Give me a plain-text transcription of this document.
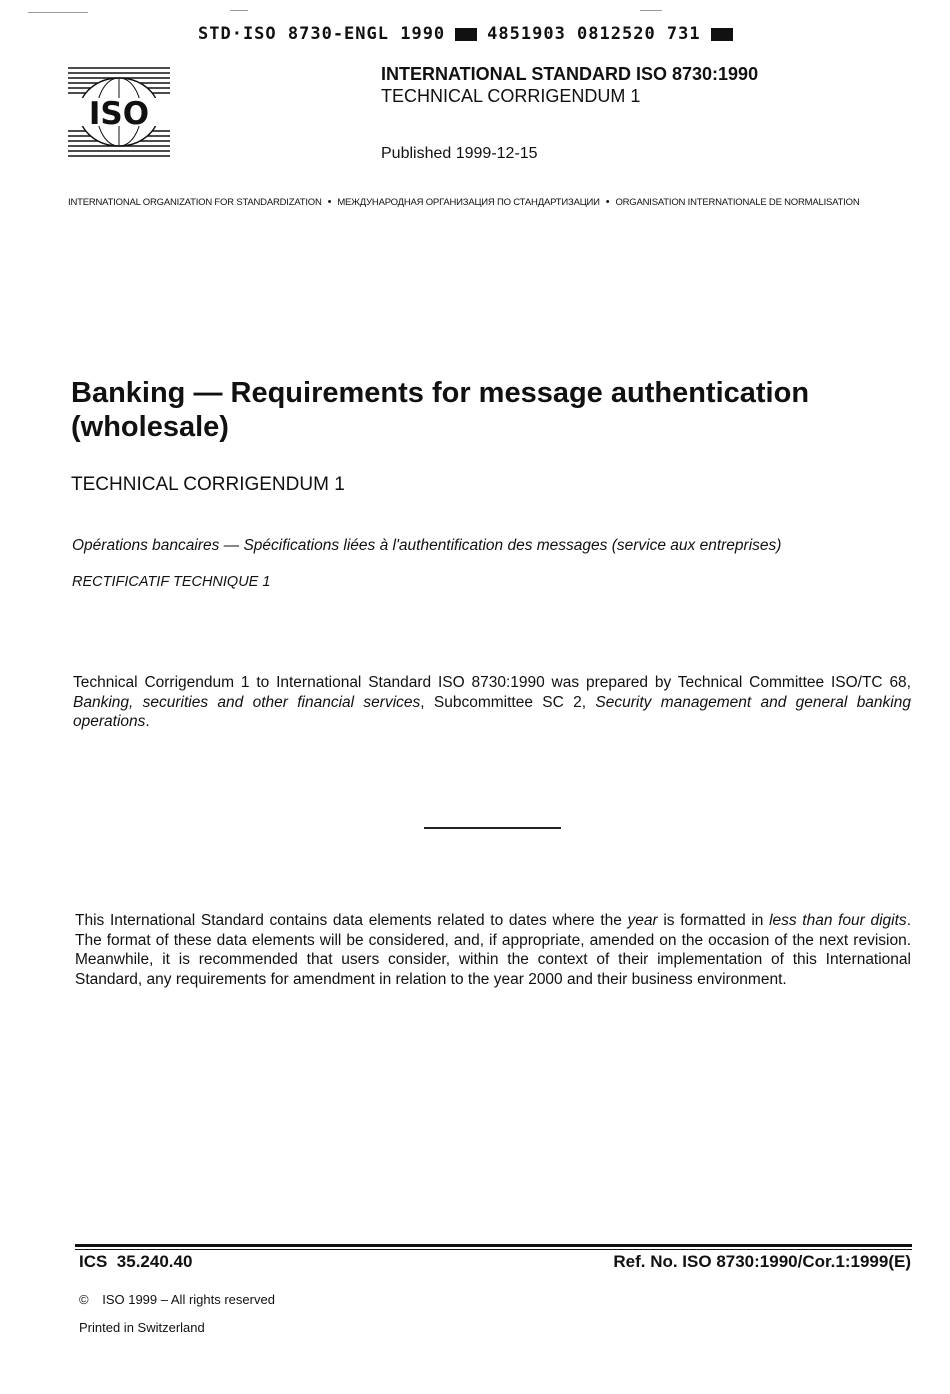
STD·ISO 8730-ENGL 1990 4851903 0812520 731
ISO
INTERNATIONAL STANDARD ISO 8730:1990
TECHNICAL CORRIGENDUM 1
Published 1999-12-15
INTERNATIONAL ORGANIZATION FOR STANDARDIZATION • МЕЖДУНАРОДНАЯ ОРГАНИЗАЦИЯ ПО СТАНДАРТИЗАЦИИ • ORGANISATION INTERNATIONALE DE NORMALISATION
Banking — Requirements for message authentication
(wholesale)
TECHNICAL CORRIGENDUM 1
Opérations bancaires — Spécifications liées à l'authentification des messages (service aux entreprises)
RECTIFICATIF TECHNIQUE 1
Technical Corrigendum 1 to International Standard ISO 8730:1990 was prepared by Technical Committee ISO/TC 68, Banking, securities and other financial services, Subcommittee SC 2, Security management and general banking operations.
This International Standard contains data elements related to dates where the year is formatted in less than four digits. The format of these data elements will be considered, and, if appropriate, amended on the occasion of the next revision. Meanwhile, it is recommended that users consider, within the context of their implementation of this International Standard, any requirements for amendment in relation to the year 2000 and their business environment.
ICS  35.240.40	Ref. No. ISO 8730:1990/Cor.1:1999(E)
© ISO 1999 – All rights reserved
Printed in Switzerland
